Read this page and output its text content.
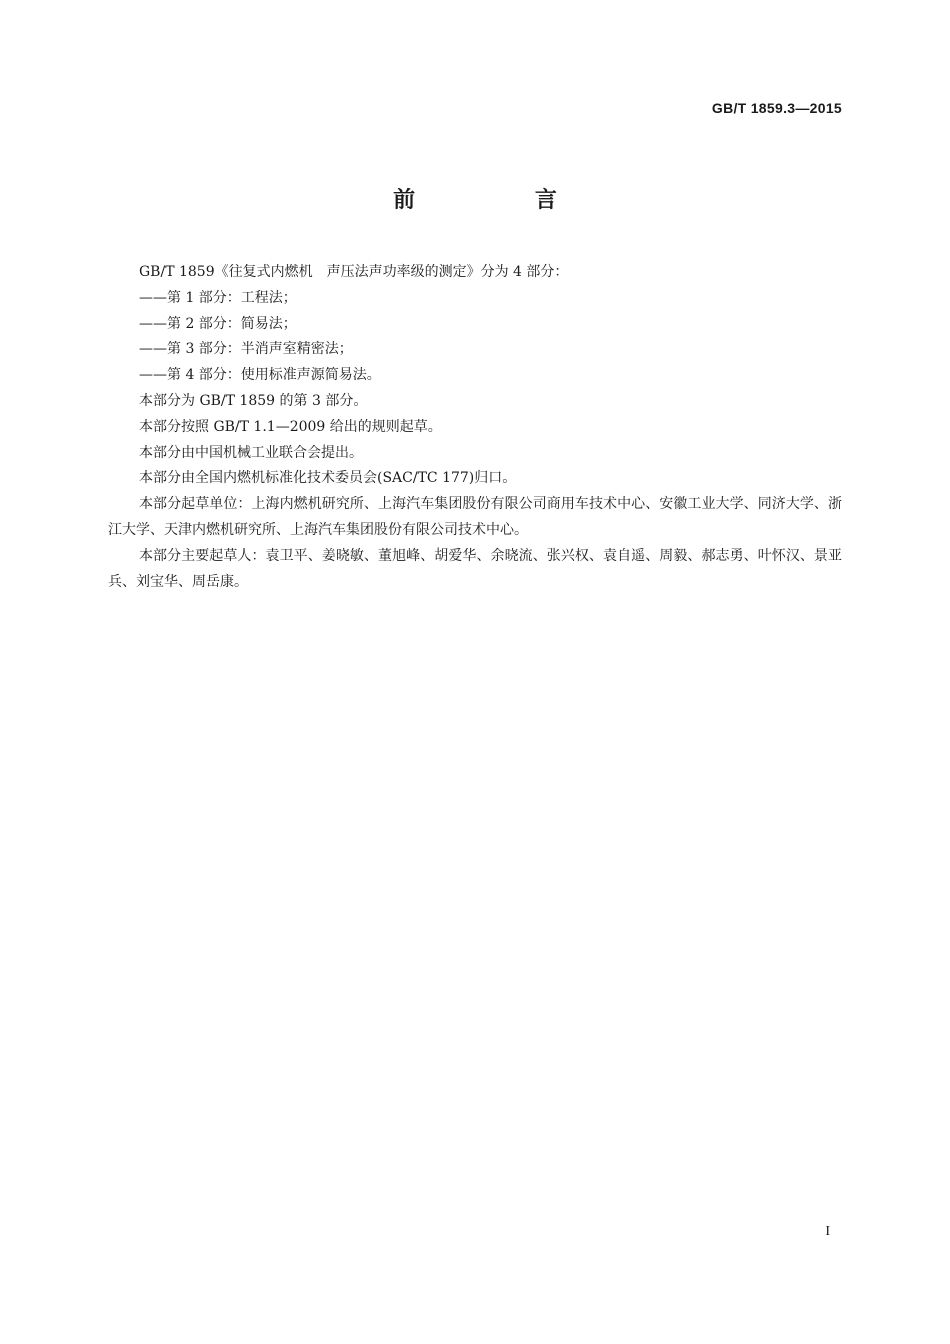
GB/T 1859.3—2015
前 言

GB/T 1859《往复式内燃机　声压法声功率级的测定》分为 4 部分：

——第 1 部分：工程法；

——第 2 部分：简易法；

——第 3 部分：半消声室精密法；

——第 4 部分：使用标准声源简易法。

本部分为 GB/T 1859 的第 3 部分。

本部分按照 GB/T 1.1—2009 给出的规则起草。

本部分由中国机械工业联合会提出。

本部分由全国内燃机标准化技术委员会(SAC/TC 177)归口。

本部分起草单位：上海内燃机研究所、上海汽车集团股份有限公司商用车技术中心、安徽工业大学、同济大学、浙江大学、天津内燃机研究所、上海汽车集团股份有限公司技术中心。

本部分主要起草人：袁卫平、姜晓敏、董旭峰、胡爱华、余晓流、张兴权、袁自遥、周毅、郝志勇、叶怀汉、景亚兵、刘宝华、周岳康。

I
